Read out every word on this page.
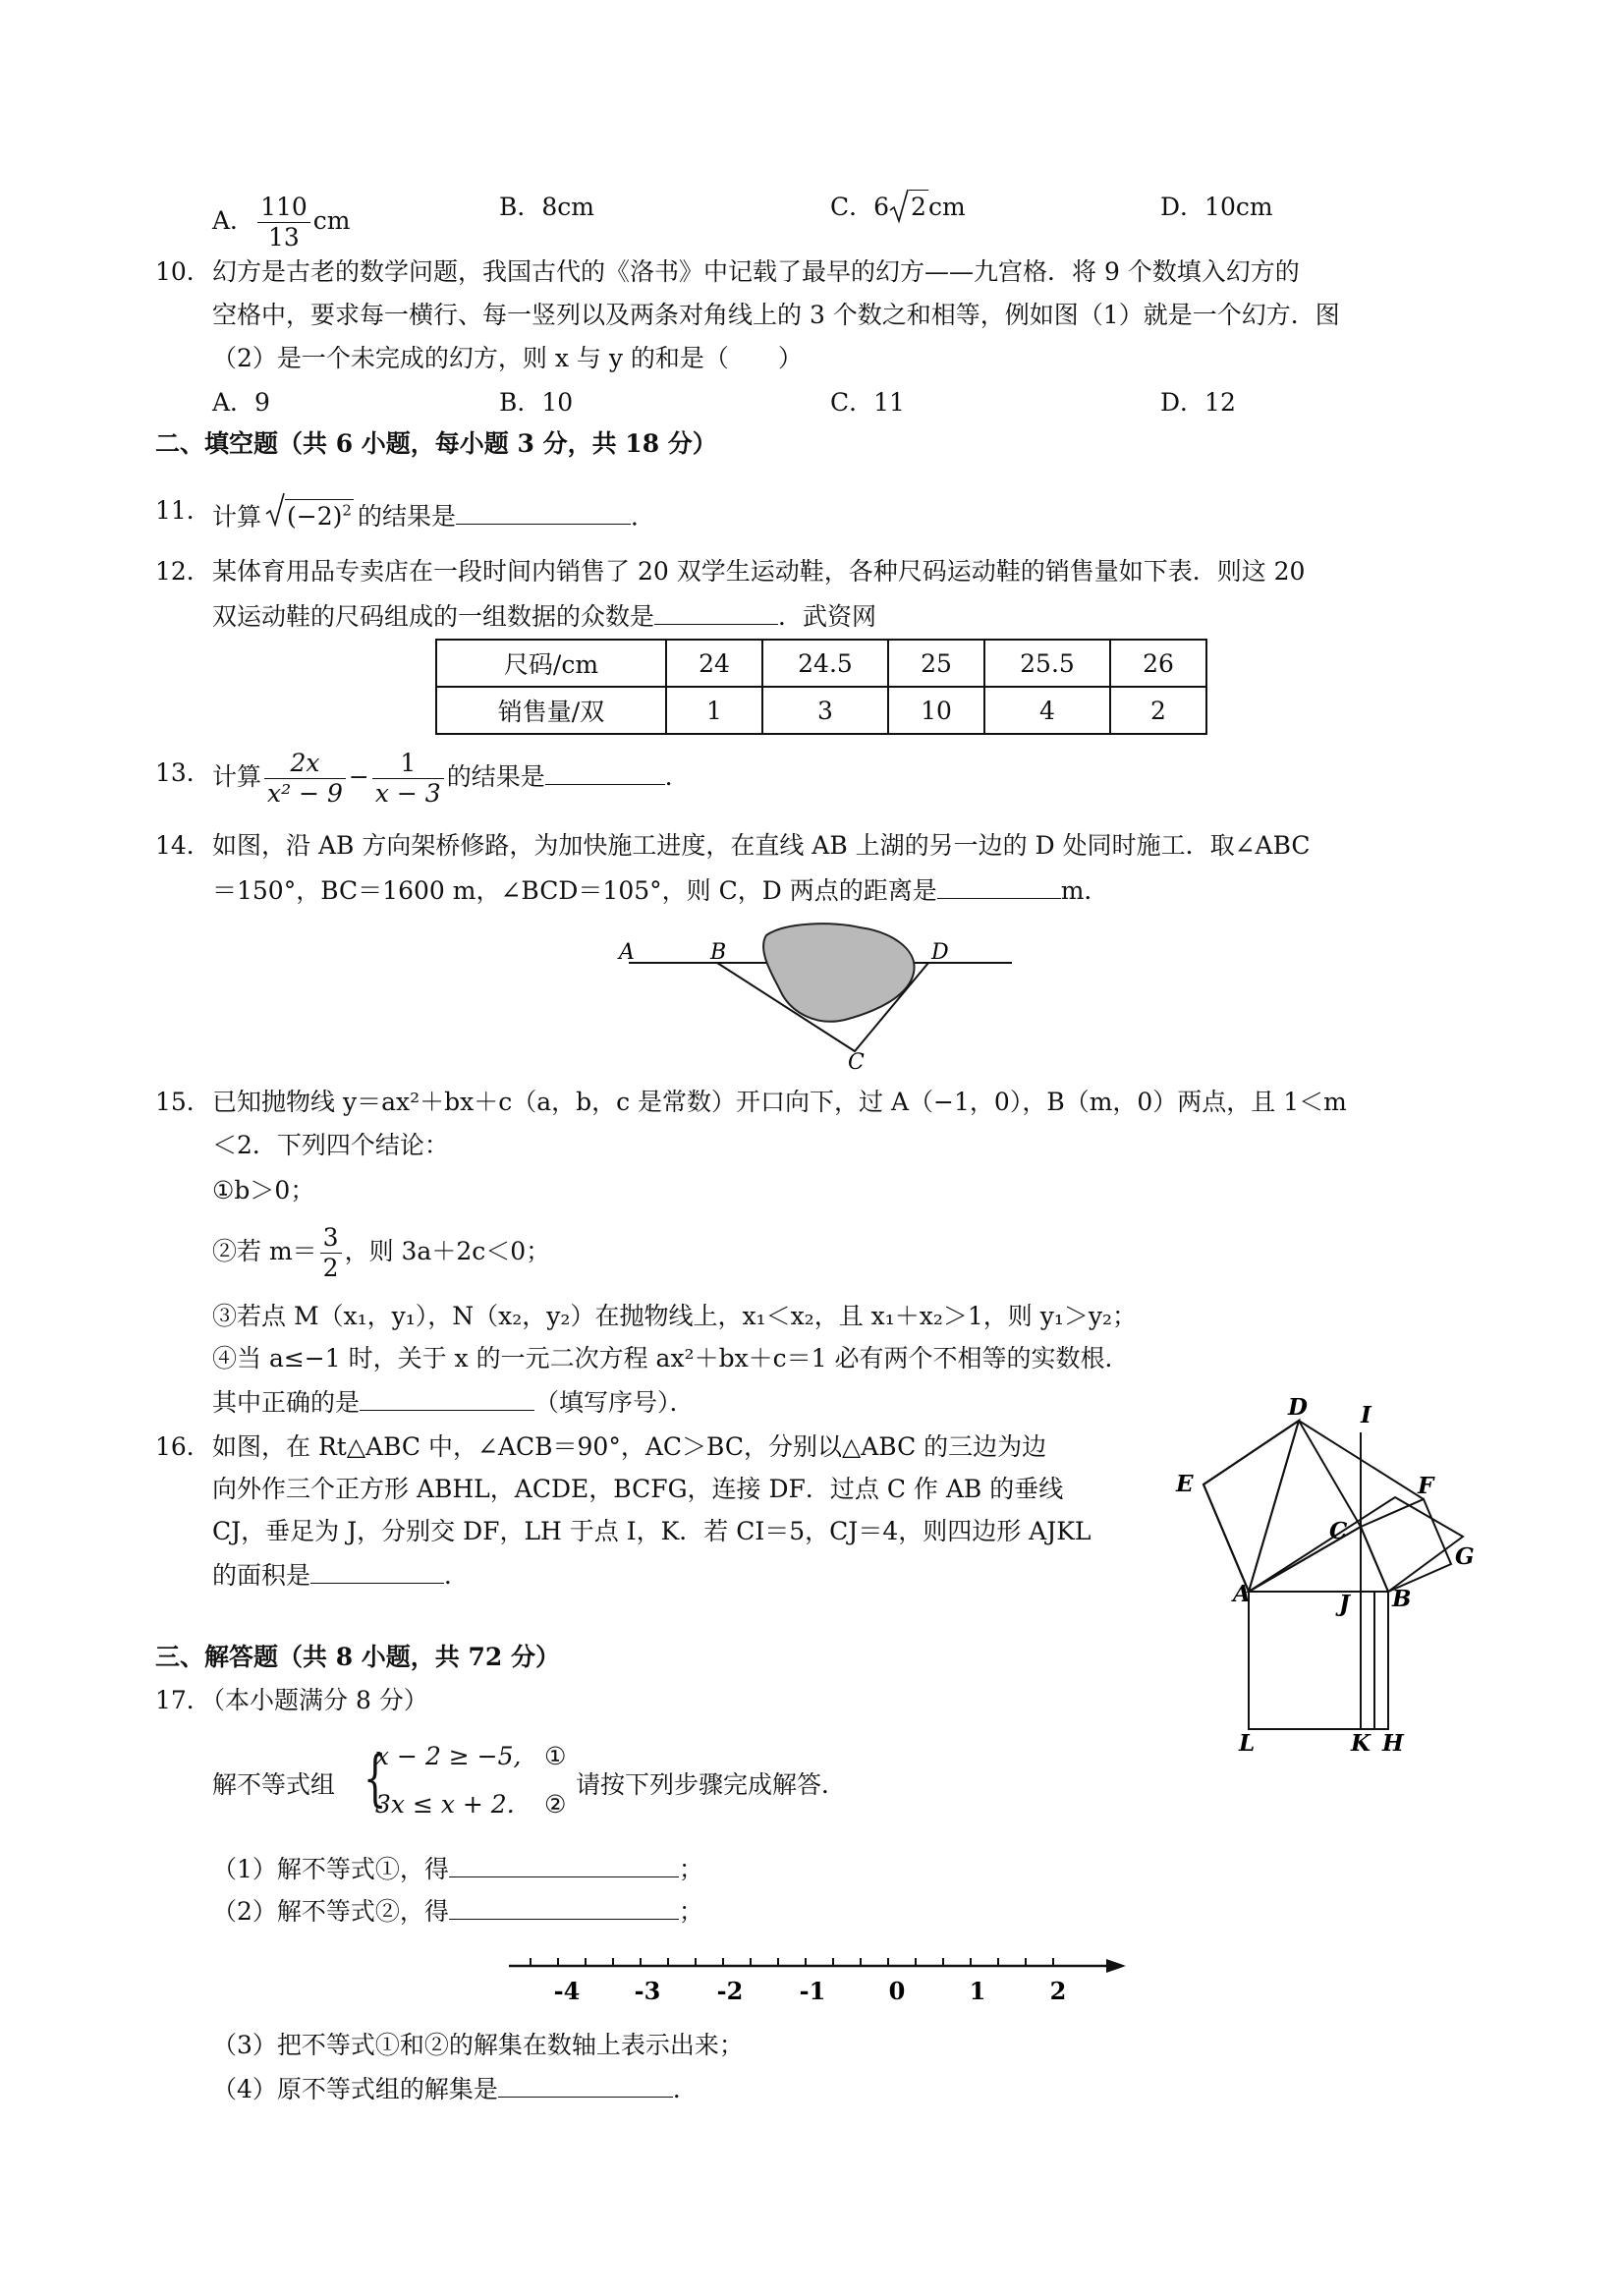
A． $\frac{110}{13}$ cm	B．8cm	C．6 2cm	D．10cm
10． 幻方是古老的数学问题，我国古代的《洛书》中记载了最早的幻方——九宫格．将 9 个数填入幻方的
空格中，要求每一横行、每一竖列以及两条对角线上的 3 个数之和相等，例如图（1）就是一个幻方．图
（2）是一个未完成的幻方，则 x 与 y 的和是（　　）
A．9	B．10	C．11	D．12
二、填空题（共 6 小题，每小题 3 分，共 18 分）
11． 计算 $(-2)^2$ 的结果是	．
12． 某体育用品专卖店在一段时间内销售了 20 双学生运动鞋，各种尺码运动鞋的销售量如下表．则这 20
双运动鞋的尺码组成的一组数据的众数是	．武资网
尺码/cm	24	24.5	25	25.5	26
销售量/双	1	3	10	4	2
13． 计算 $\frac{2x}{\text{x² − 9}} - \frac{1}{x - 3}$ 的结果是	．
14． 如图，沿 AB 方向架桥修路，为加快施工进度，在直线 AB 上湖的另一边的 D 处同时施工．取∠ABC
＝150°，BC＝1600 m，∠BCD＝105°，则 C，D 两点的距离是	m．
A	B	D
C
15． 已知抛物线 y＝ax²＋bx＋c（a，b，c 是常数）开口向下，过 A（−1，0），B（m，0）两点，且 1＜m
＜2．下列四个结论：
①b＞0；
②若 $m= \frac{3}{2}$ ，则 3a＋2c＜0；
③若点 M（x₁，y₁），N（x₂，y₂）在抛物线上，x₁＜x₂，且 x₁＋x₂＞1，则 y₁＞y₂；
④当 a≤−1 时，关于 x 的一元二次方程 ax²＋bx＋c＝1 必有两个不相等的实数根．
其中正确的是	（填写序号）．
16． 如图，在 Rt△ABC 中，∠ACB＝90°，AC＞BC，分别以△ABC 的三边为边
向外作三个正方形 ABHL，ACDE，BCFG，连接 DF．过点 C 作 AB 的垂线
CJ，垂足为 J，分别交 DF，LH 于点 I，K．若 CI＝5，CJ＝4，则四边形 AJKL
的面积是	．
D I
E	F
C
G
A	J B
L	K H
三、解答题（共 8 小题，共 72 分）
17．
（本小题满分 8 分）
解不等式组 {
x − 2 ≥ −5, ①
3x ≤ x + 2. ②
请按下列步骤完成解答．
（1）解不等式①，得	；
（2）解不等式②，得	；
-4 -3 -2 -1	0	1	2
（3）把不等式①和②的解集在数轴上表示出来；
（4）原不等式组的解集是	．
